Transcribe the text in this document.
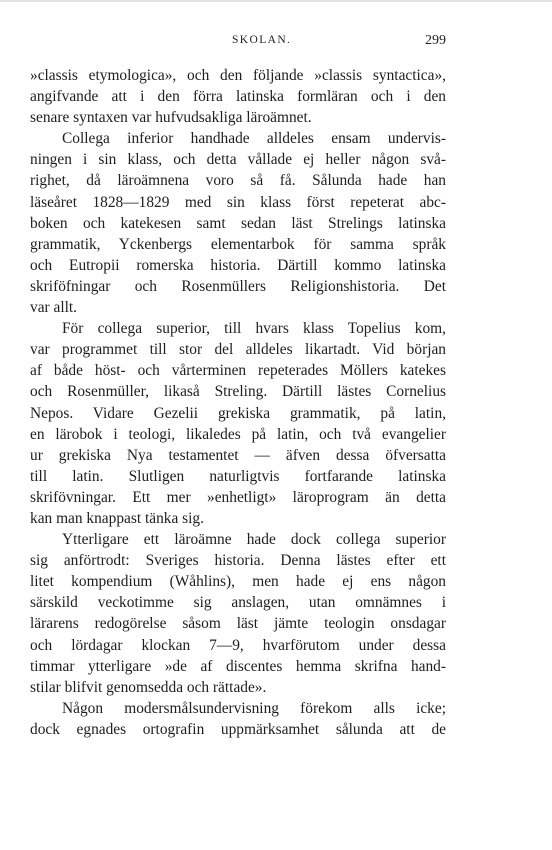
SKOLAN.	299
»classis etymologica», och den följande »classis syntactica»,
angifvande att i den förra latinska formläran och i den
senare syntaxen var hufvudsakliga läroämnet.
Collega inferior handhade alldeles ensam undervis-
ningen i sin klass, och detta vållade ej heller någon svå-
righet, då läroämnena voro så få. Sålunda hade han
läseåret 1828—1829 med sin klass först repeterat abc-
boken och katekesen samt sedan läst Strelings latinska
grammatik, Yckenbergs elementarbok för samma språk
och Eutropii romerska historia. Därtill kommo latinska
skriföfningar och Rosenmüllers Religionshistoria. Det
var allt.
För collega superior, till hvars klass Topelius kom,
var programmet till stor del alldeles likartadt. Vid början
af både höst- och vårterminen repeterades Möllers katekes
och Rosenmüller, likaså Streling. Därtill lästes Cornelius
Nepos. Vidare Gezelii grekiska grammatik, på latin,
en lärobok i teologi, likaledes på latin, och två evangelier
ur grekiska Nya testamentet — äfven dessa öfversatta
till latin. Slutligen naturligtvis fortfarande latinska
skrifövningar. Ett mer »enhetligt» läroprogram än detta
kan man knappast tänka sig.
Ytterligare ett läroämne hade dock collega superior
sig anförtrodt: Sveriges historia. Denna lästes efter ett
litet kompendium (Wåhlins), men hade ej ens någon
särskild veckotimme sig anslagen, utan omnämnes i
lärarens redogörelse såsom läst jämte teologin onsdagar
och lördagar klockan 7—9, hvarförutom under dessa
timmar ytterligare »de af discentes hemma skrifna hand-
stilar blifvit genomsedda och rättade».
Någon modersmålsundervisning förekom alls icke;
dock egnades ortografin uppmärksamhet sålunda att de
